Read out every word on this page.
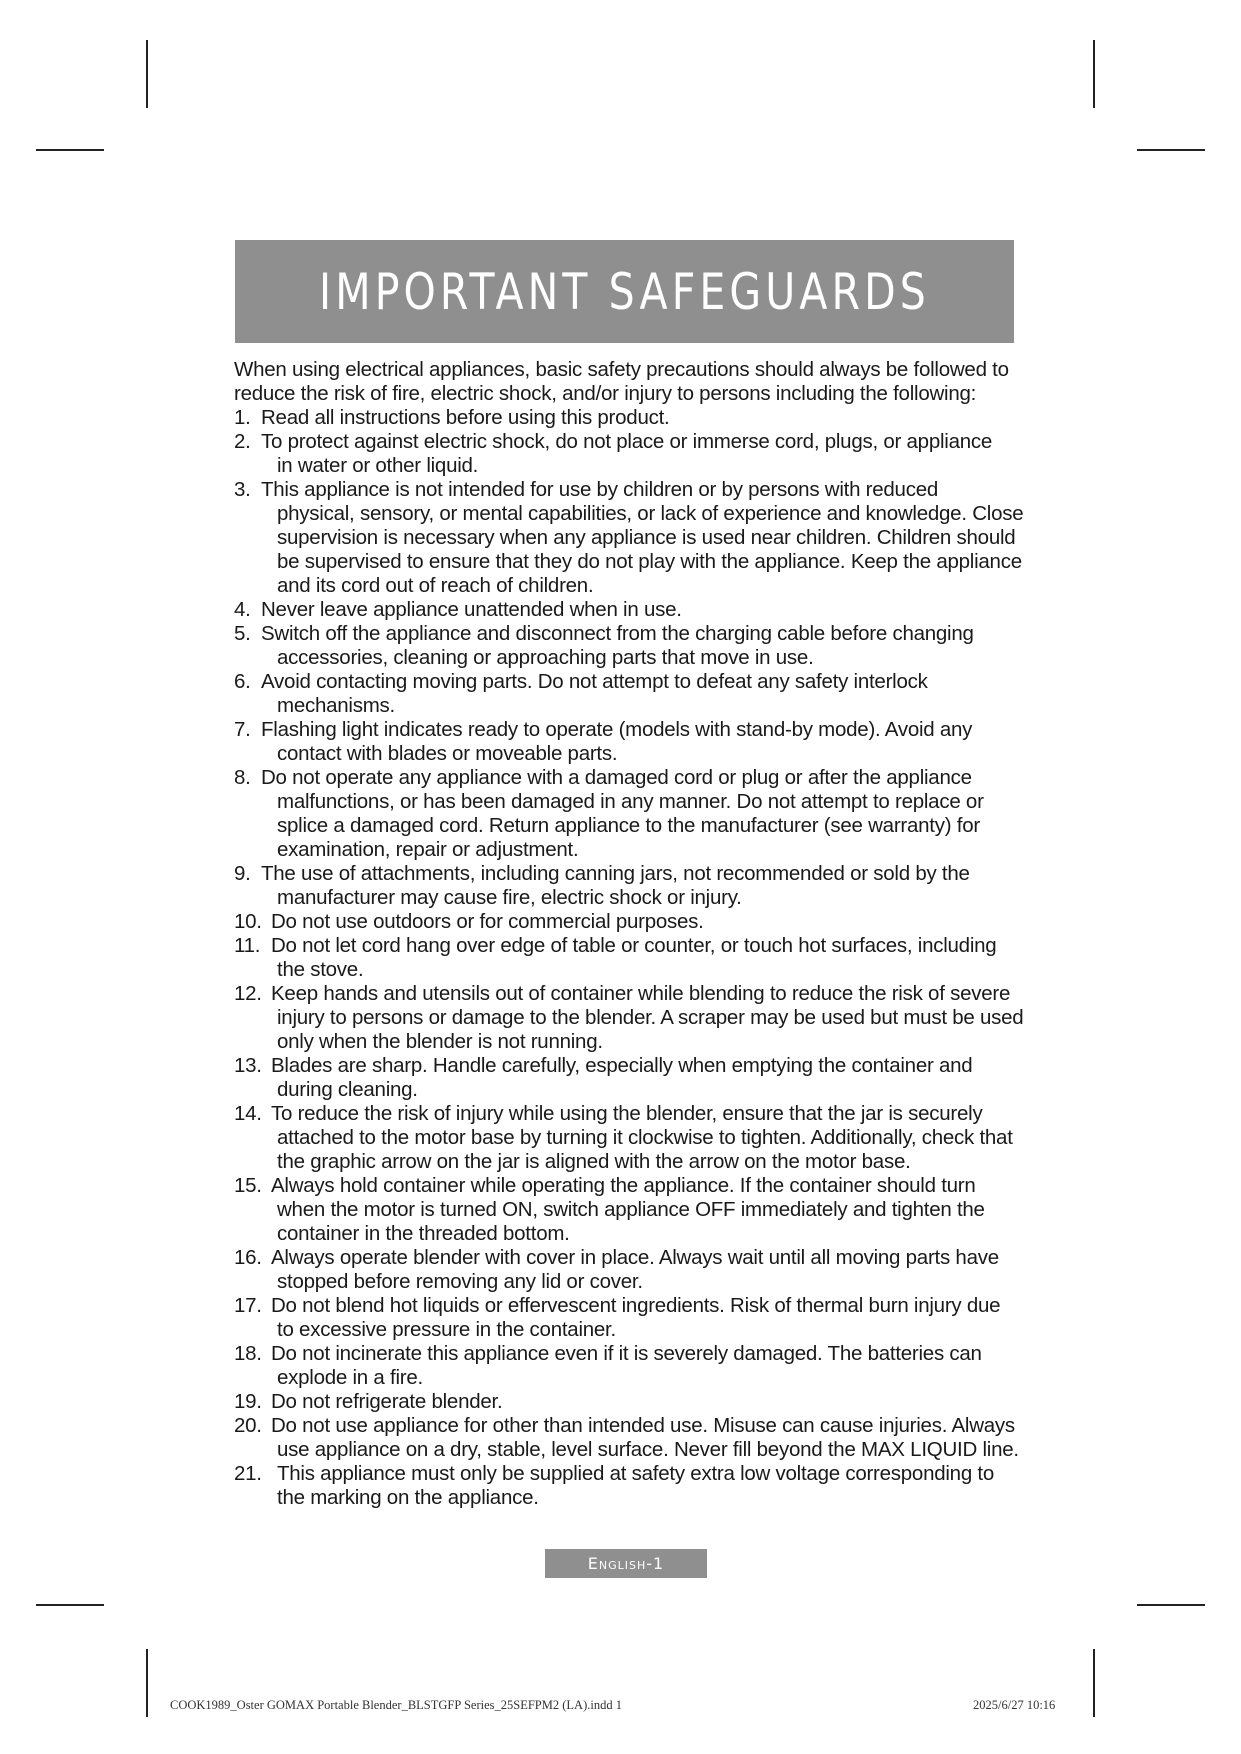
IMPORTANT SAFEGUARDS

When using electrical appliances, basic safety precautions should always be followed to reduce the risk of fire, electric shock, and/or injury to persons including the following:

1. Read all instructions before using this product.
2. To protect against electric shock, do not place or immerse cord, plugs, or appliance
in water or other liquid.
3. This appliance is not intended for use by children or by persons with reduced
physical, sensory, or mental capabilities, or lack of experience and knowledge. Close
supervision is necessary when any appliance is used near children. Children should
be supervised to ensure that they do not play with the appliance. Keep the appliance
and its cord out of reach of children.
4. Never leave appliance unattended when in use.
5. Switch off the appliance and disconnect from the charging cable before changing
accessories, cleaning or approaching parts that move in use.
6. Avoid contacting moving parts. Do not attempt to defeat any safety interlock
mechanisms.
7. Flashing light indicates ready to operate (models with stand-by mode). Avoid any
contact with blades or moveable parts.
8. Do not operate any appliance with a damaged cord or plug or after the appliance
malfunctions, or has been damaged in any manner. Do not attempt to replace or
splice a damaged cord. Return appliance to the manufacturer (see warranty) for
examination, repair or adjustment.
9. The use of attachments, including canning jars, not recommended or sold by the
manufacturer may cause fire, electric shock or injury.
10. Do not use outdoors or for commercial purposes.
11. Do not let cord hang over edge of table or counter, or touch hot surfaces, including
the stove.
12. Keep hands and utensils out of container while blending to reduce the risk of severe
injury to persons or damage to the blender. A scraper may be used but must be used
only when the blender is not running.
13. Blades are sharp. Handle carefully, especially when emptying the container and
during cleaning.
14. To reduce the risk of injury while using the blender, ensure that the jar is securely
attached to the motor base by turning it clockwise to tighten. Additionally, check that
the graphic arrow on the jar is aligned with the arrow on the motor base.
15. Always hold container while operating the appliance. If the container should turn
when the motor is turned ON, switch appliance OFF immediately and tighten the
container in the threaded bottom.
16. Always operate blender with cover in place. Always wait until all moving parts have
stopped before removing any lid or cover.
17. Do not blend hot liquids or effervescent ingredients. Risk of thermal burn injury due
to excessive pressure in the container.
18. Do not incinerate this appliance even if it is severely damaged. The batteries can
explode in a fire.
19. Do not refrigerate blender.
20. Do not use appliance for other than intended use. Misuse can cause injuries. Always
use appliance on a dry, stable, level surface. Never fill beyond the MAX LIQUID line.
21. This appliance must only be supplied at safety extra low voltage corresponding to
the marking on the appliance.
English-1
COOK1989_Oster GOMAX Portable Blender_BLSTGFP Series_25SEFPM2 (LA).indd 1	2025/6/27 10:16
